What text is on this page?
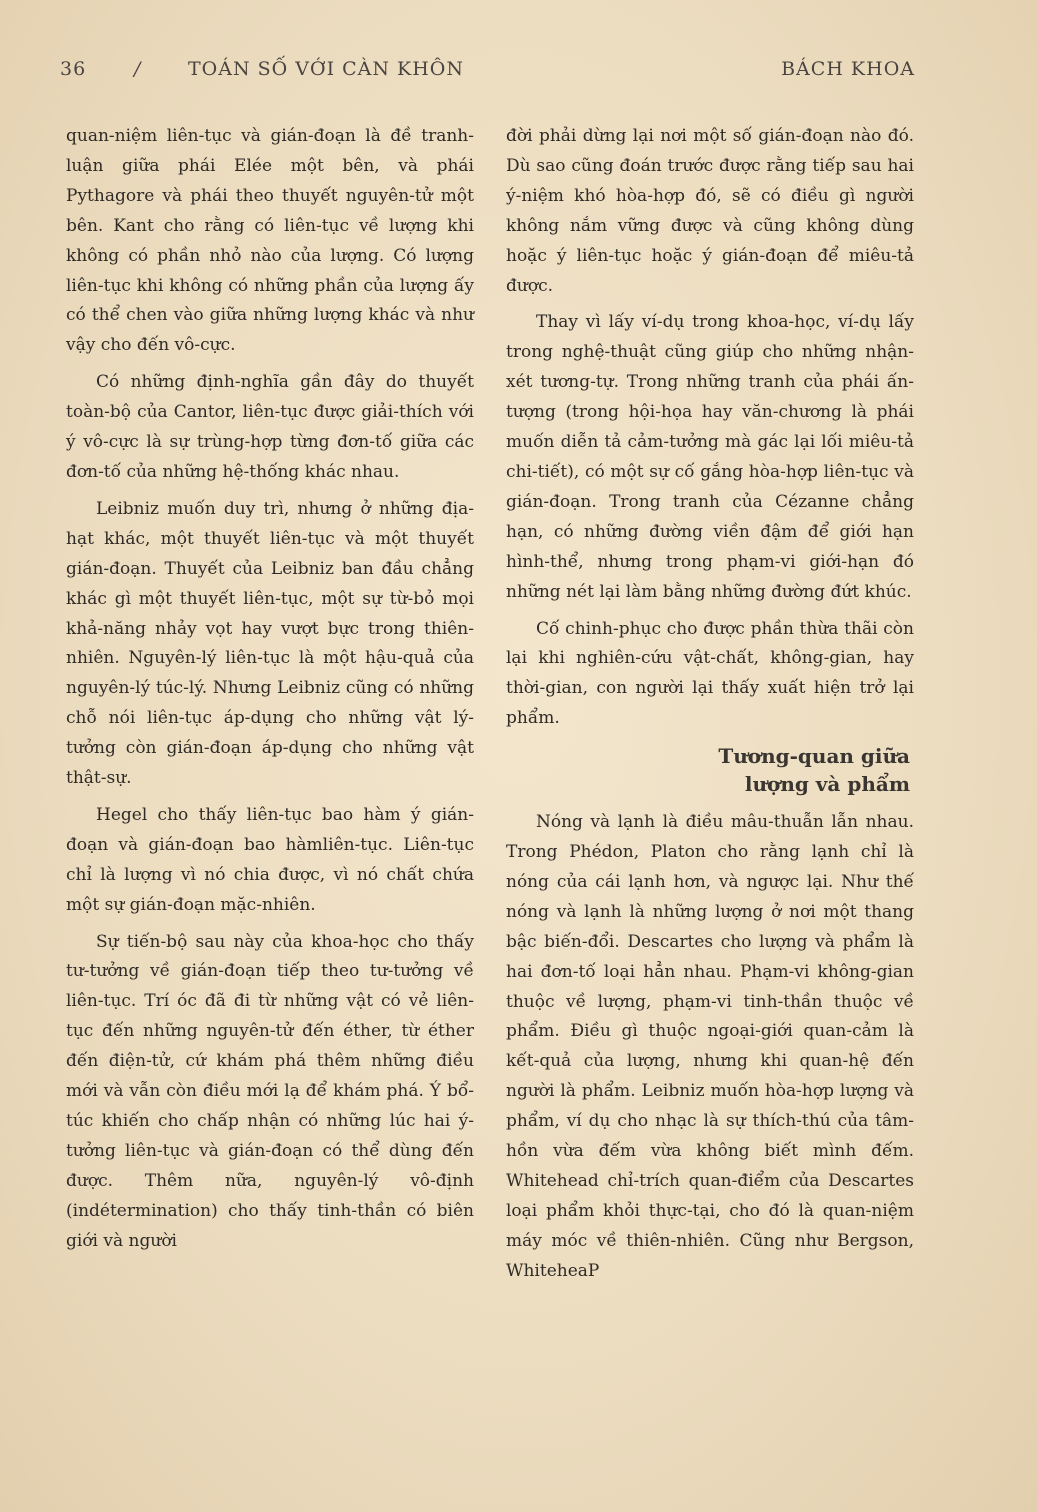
36	/ TOÁN SỐ VỚI CÀN KHÔN	BÁCH KHOA

quan-niệm liên-tục và gián-đoạn là đề tranh-luận giữa phái Elée một bên, và phái Pythagore và phái theo thuyết nguyên-tử một bên. Kant cho rằng có liên-tục về lượng khi không có phần nhỏ nào của lượng. Có lượng liên-tục khi không có những phần của lượng ấy có thể chen vào giữa những lượng khác và như vậy cho đến vô-cực.

Có những định-nghĩa gần đây do thuyết toàn-bộ của Cantor, liên-tục được giải-thích với ý vô-cực là sự trùng-hợp từng đơn-tố giữa các đơn-tố của những hệ-thống khác nhau.

Leibniz muốn duy trì, nhưng ở những địa-hạt khác, một thuyết liên-tục và một thuyết gián-đoạn. Thuyết của Leibniz ban đầu chẳng khác gì một thuyết liên-tục, một sự từ-bỏ mọi khả-năng nhảy vọt hay vượt bực trong thiên-nhiên. Nguyên-lý liên-tục là một hậu-quả của nguyên-lý túc-lý. Nhưng Leibniz cũng có những chỗ nói liên-tục áp-dụng cho những vật lý-tưởng còn gián-đoạn áp-dụng cho những vật thật-sự.

Hegel cho thấy liên-tục bao hàm ý gián-đoạn và gián-đoạn bao hàmliên-tục. Liên-tục chỉ là lượng vì nó chia được, vì nó chất chứa một sự gián-đoạn mặc-nhiên.

Sự tiến-bộ sau này của khoa-học cho thấy tư-tưởng về gián-đoạn tiếp theo tư-tưởng về liên-tục. Trí óc đã đi từ những vật có vẻ liên-tục đến những nguyên-tử đến éther, từ éther đến điện-tử, cứ khám phá thêm những điều mới và vẫn còn điều mới lạ để khám phá. Ý bổ-túc khiến cho chấp nhận có những lúc hai ý-tưởng liên-tục và gián-đoạn có thể dùng đến được. Thêm nữa, nguyên-lý vô-định (indétermination) cho thấy tinh-thần có biên giới và người

đời phải dừng lại nơi một số gián-đoạn nào đó. Dù sao cũng đoán trước được rằng tiếp sau hai ý-niệm khó hòa-hợp đó, sẽ có điều gì người không nắm vững được và cũng không dùng hoặc ý liên-tục hoặc ý gián-đoạn để miêu-tả được.

Thay vì lấy ví-dụ trong khoa-học, ví-dụ lấy trong nghệ-thuật cũng giúp cho những nhận-xét tương-tự. Trong những tranh của phái ấn-tượng (trong hội-họa hay văn-chương là phái muốn diễn tả cảm-tưởng mà gác lại lối miêu-tả chi-tiết), có một sự cố gắng hòa-hợp liên-tục và gián-đoạn. Trong tranh của Cézanne chẳng hạn, có những đường viền đậm để giới hạn hình-thể, nhưng trong phạm-vi giới-hạn đó những nét lại làm bằng những đường đứt khúc.

Cố chinh-phục cho được phần thừa thãi còn lại khi nghiên-cứu vật-chất, không-gian, hay thời-gian, con người lại thấy xuất hiện trở lại phẩm.

Tương-quan giữa
lượng và phẩm

Nóng và lạnh là điều mâu-thuẫn lẫn nhau. Trong Phédon, Platon cho rằng lạnh chỉ là nóng của cái lạnh hơn, và ngược lại. Như thế nóng và lạnh là những lượng ở nơi một thang bậc biến-đổi. Descartes cho lượng và phẩm là hai đơn-tố loại hẳn nhau. Phạm-vi không-gian thuộc về lượng, phạm-vi tinh-thần thuộc về phẩm. Điều gì thuộc ngoại-giới quan-cảm là kết-quả của lượng, nhưng khi quan-hệ đến người là phẩm. Leibniz muốn hòa-hợp lượng và phẩm, ví dụ cho nhạc là sự thích-thú của tâm-hồn vừa đếm vừa không biết mình đếm. Whitehead chỉ-trích quan-điểm của Descartes loại phẩm khỏi thực-tại, cho đó là quan-niệm máy móc về thiên-nhiên. Cũng như Bergson, WhiteheaP
